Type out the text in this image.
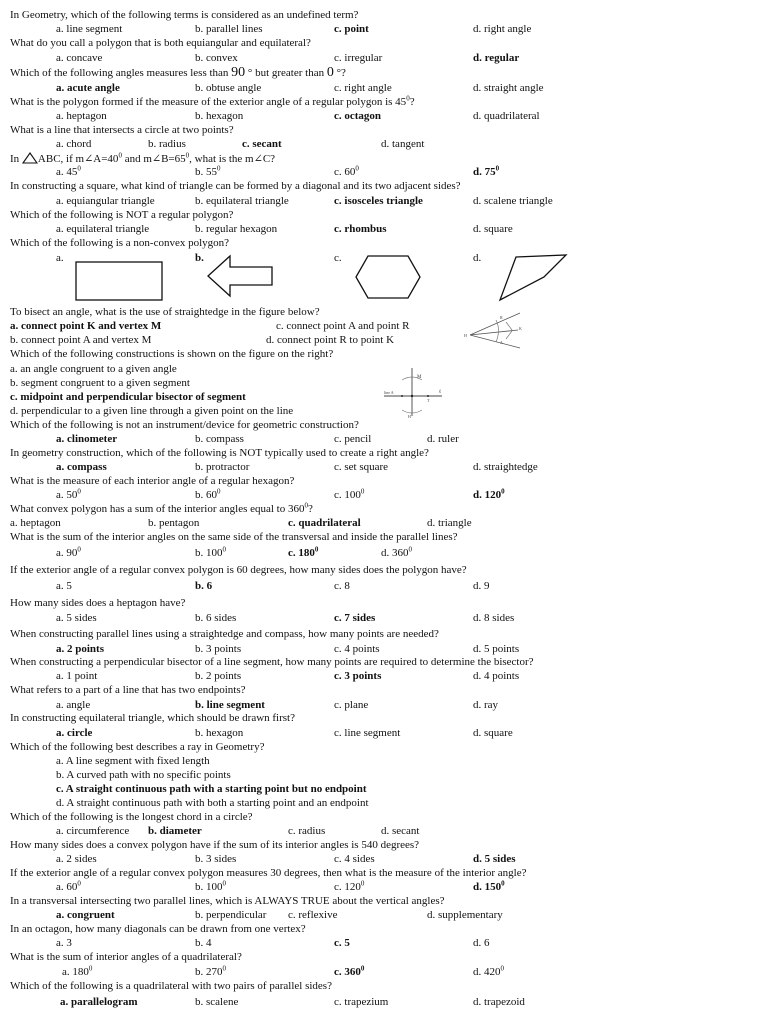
In Geometry, which of the following terms is considered as an undefined term?
a. line segment	b. parallel lines	c. point	d. right angle
What do you call a polygon that is both equiangular and equilateral?
a. concave	b. convex	c. irregular	d. regular
Which of the following angles measures less than 90 ° but greater than 0 °?
a. acute angle	b. obtuse angle	c. right angle	d. straight angle
What is the polygon formed if the measure of the exterior angle of a regular polygon is $45^0$?
a. heptagon	b. hexagon	c. octagon	d. quadrilateral
What is a line that intersects a circle at two points?
a. chord	b. radius	c. secant	d. tangent
In ABC, if $m\angle A=40^0$ and $m\angle B=65^0$, what is the m∠C?
a. $45^0$	b. $55^0$	c. $60^0$	d. $75^0$
In constructing a square, what kind of triangle can be formed by a diagonal and its two adjacent sides?
a. equiangular triangle	b. equilateral triangle	c. isosceles triangle	d. scalene triangle
Which of the following is NOT a regular polygon?
a. equilateral triangle	b. regular hexagon	c. rhombus	d. square
Which of the following is a non-convex polygon?
a.	b.	c.	d.
To bisect an angle, what is the use of straightedge in the figure below?
a. connect point K and vertex M	c. connect point A and point R
b. connect point A and vertex M	d. connect point R to point K	H
R
A
K
Which of the following constructions is shown on the figure on the right?
a. an angle congruent to a given angle
b. segment congruent to a given segment
c. midpoint and perpendicular bisector of segment
d. perpendicular to a given line through a given point on the line
M
line A
T
ℓ
H
Which of the following is not an instrument/device for geometric construction?
a. clinometer	b. compass	c. pencil	d. ruler
In geometry construction, which of the following is NOT typically used to create a right angle?
a. compass	b. protractor	c. set square	d. straightedge
What is the measure of each interior angle of a regular hexagon?
a. $50^0$	b. $60^0$	c. $100^0$	d. $120^0$
What convex polygon has a sum of the interior angles equal to $360^0$?
a. heptagon	b. pentagon	c. quadrilateral	d. triangle
What is the sum of the interior angles on the same side of the transversal and inside the parallel lines?
a. $90^0$	b. $100^0$	c. $180^0$	d. $360^0$
If the exterior angle of a regular convex polygon is 60 degrees, how many sides does the polygon have?
a. 5	b. 6	c. 8	d. 9
How many sides does a heptagon have?
a. 5 sides	b. 6 sides	c. 7 sides	d. 8 sides
When constructing parallel lines using a straightedge and compass, how many points are needed?
a. 2 points	b. 3 points	c. 4 points	d. 5 points
When constructing a perpendicular bisector of a line segment, how many points are required to determine the bisector?
a. 1 point	b. 2 points	c. 3 points	d. 4 points
What refers to a part of a line that has two endpoints?
a. angle	b. line segment	c. plane	d. ray
In constructing equilateral triangle, which should be drawn first?
a. circle	b. hexagon	c. line segment	d. square
Which of the following best describes a ray in Geometry?
a. A line segment with fixed length
b. A curved path with no specific points
c. A straight continuous path with a starting point but no endpoint
d. A straight continuous path with both a starting point and an endpoint
Which of the following is the longest chord in a circle?
a. circumference b. diameter	c. radius	d. secant
How many sides does a convex polygon have if the sum of its interior angles is 540 degrees?
a. 2 sides	b. 3 sides	c. 4 sides	d. 5 sides
If the exterior angle of a regular convex polygon measures 30 degrees, then what is the measure of the interior angle?
a. $60^0$	b. $100^0$	c. $120^0$	d. $150^0$
In a transversal intersecting two parallel lines, which is ALWAYS TRUE about the vertical angles?
a. congruent	b. perpendicular c. reflexive	d. supplementary
In an octagon, how many diagonals can be drawn from one vertex?
a. 3	b. 4	c. 5	d. 6
What is the sum of interior angles of a quadrilateral?
a. $180^0$	b. $270^0$	c. $360^0$	d. $420^0$
Which of the following is a quadrilateral with two pairs of parallel sides?
a. parallelogram	b. scalene	c. trapezium	d. trapezoid
